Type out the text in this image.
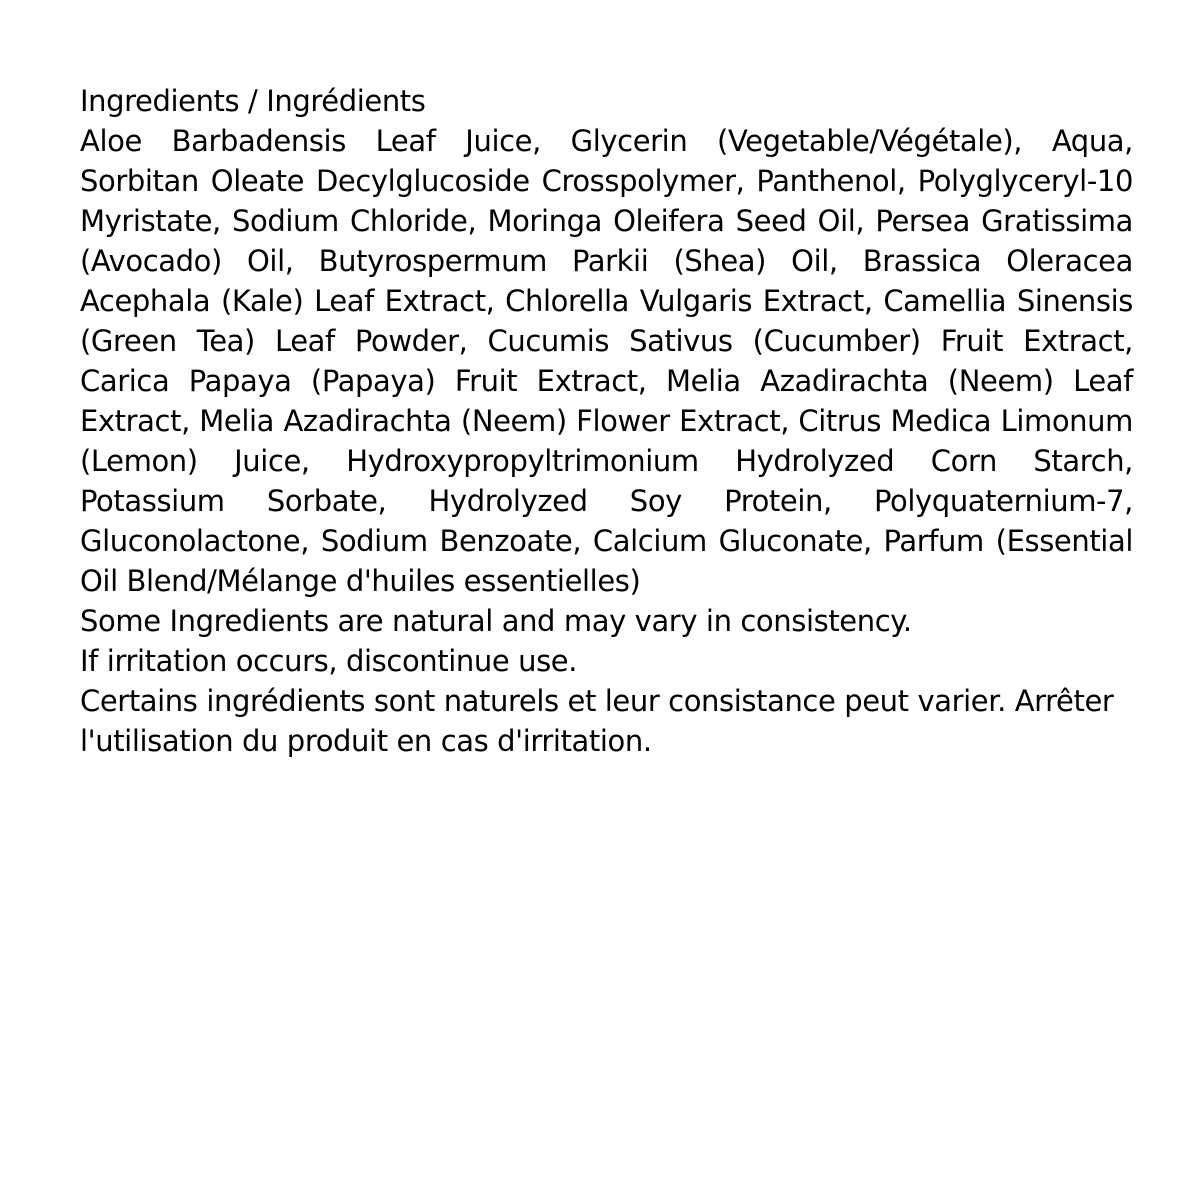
Ingredients / Ingrédients

Aloe Barbadensis Leaf Juice, Glycerin (Vegetable/Végétale), Aqua, Sorbitan Oleate Decylglucoside Crosspolymer, Panthenol, Polyglyceryl-10 Myristate, Sodium Chloride, Moringa Oleifera Seed Oil, Persea Gratissima (Avocado) Oil, Butyrospermum Parkii (Shea) Oil, Brassica Oleracea Acephala (Kale) Leaf Extract, Chlorella Vulgaris Extract, Camellia Sinensis (Green Tea) Leaf Powder, Cucumis Sativus (Cucumber) Fruit Extract, Carica Papaya (Papaya) Fruit Extract, Melia Azadirachta (Neem) Leaf Extract, Melia Azadirachta (Neem) Flower Extract, Citrus Medica Limonum (Lemon) Juice, Hydroxypropyltrimonium Hydrolyzed Corn Starch, Potassium Sorbate, Hydrolyzed Soy Protein, Polyquaternium-7, Gluconolactone, Sodium Benzoate, Calcium Gluconate, Parfum (Essential Oil Blend/Mélange d'huiles essentielles)

Some Ingredients are natural and may vary in consistency.

If irritation occurs, discontinue use.

Certains ingrédients sont naturels et leur consistance peut varier. Arrêter l'utilisation du produit en cas d'irritation.
